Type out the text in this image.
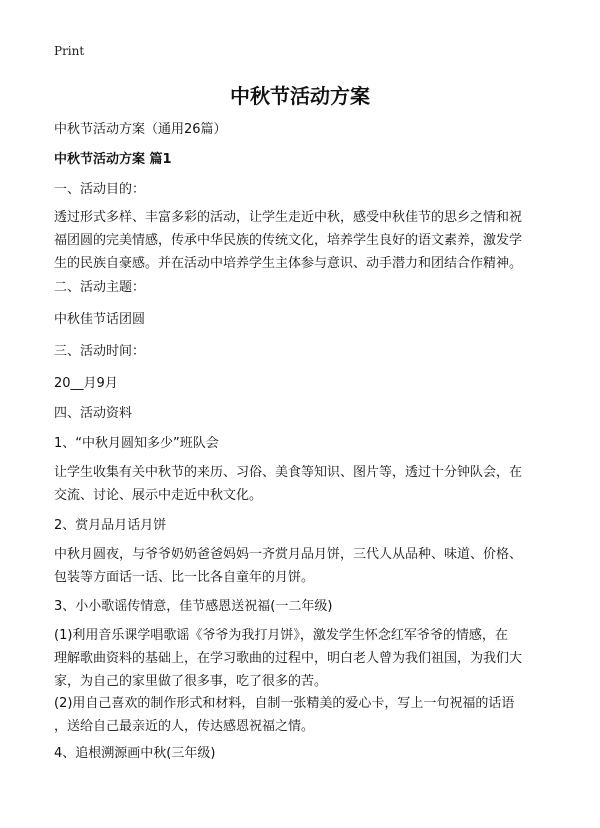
Print
中秋节活动方案
中秋节活动方案（通用26篇）
中秋节活动方案 篇1
一、活动目的：
透过形式多样、丰富多彩的活动，让学生走近中秋，感受中秋佳节的思乡之情和祝
福团圆的完美情感，传承中华民族的传统文化，培养学生良好的语文素养，激发学
生的民族自豪感。并在活动中培养学生主体参与意识、动手潜力和团结合作精神。
二、活动主题：
中秋佳节话团圆
三、活动时间：
20__月9月
四、活动资料
1、“中秋月圆知多少”班队会
让学生收集有关中秋节的来历、习俗、美食等知识、图片等，透过十分钟队会，在
交流、讨论、展示中走近中秋文化。
2、赏月品月话月饼
中秋月圆夜，与爷爷奶奶爸爸妈妈一齐赏月品月饼，三代人从品种、味道、价格、
包装等方面话一话、比一比各自童年的月饼。
3、小小歌谣传情意，佳节感恩送祝福(一二年级)
(1)利用音乐课学唱歌谣《爷爷为我打月饼》，激发学生怀念红军爷爷的情感，在
理解歌曲资料的基础上，在学习歌曲的过程中，明白老人曾为我们祖国，为我们大
家，为自己的家里做了很多事，吃了很多的苦。
(2)用自己喜欢的制作形式和材料，自制一张精美的爱心卡，写上一句祝福的话语
，送给自己最亲近的人，传达感恩祝福之情。
4、追根溯源画中秋(三年级)
